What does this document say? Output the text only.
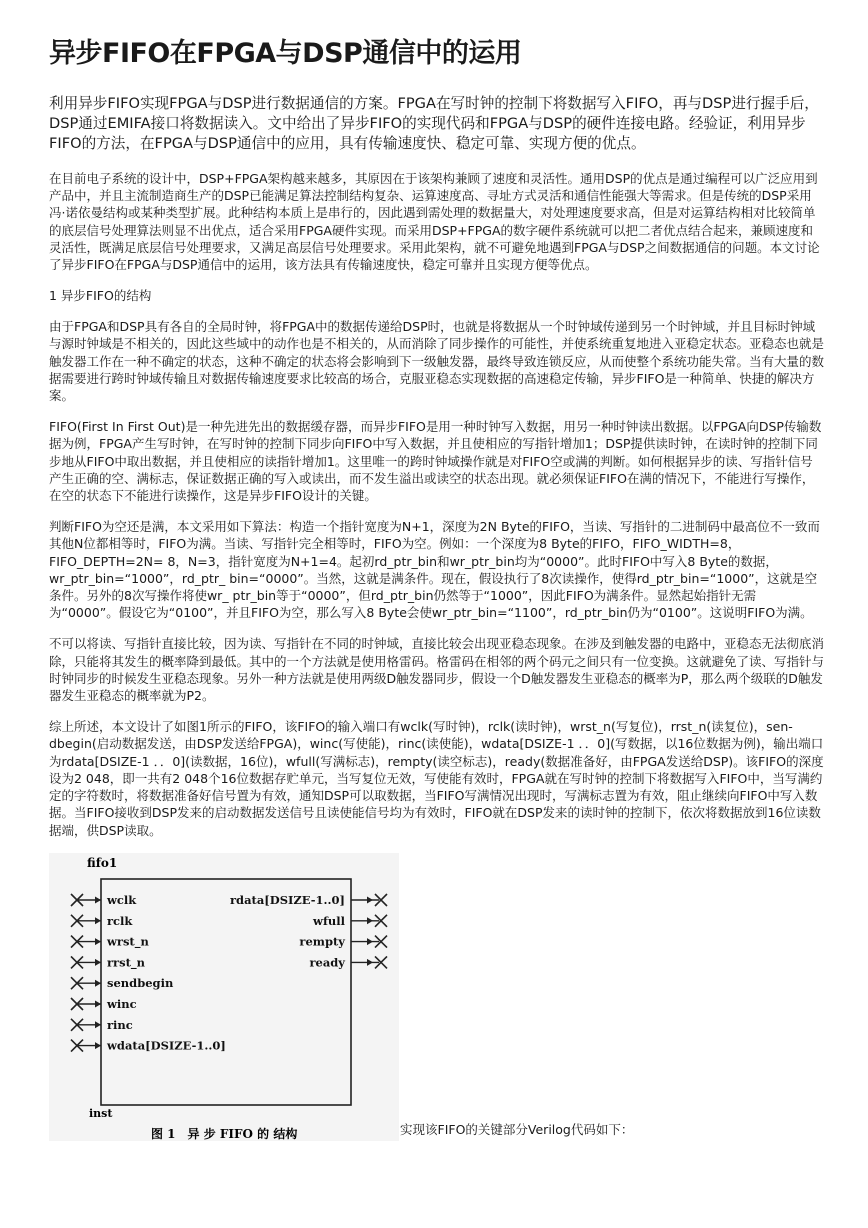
异步FIFO在FPGA与DSP通信中的运用

利用异步FIFO实现FPGA与DSP进行数据通信的方案。FPGA在写时钟的控制下将数据写入FIFO，再与DSP进行握手后，DSP通过EMIFA接口将数据读入。文中给出了异步FIFO的实现代码和FPGA与DSP的硬件连接电路。经验证，利用异步FIFO的方法，在FPGA与DSP通信中的应用，具有传输速度快、稳定可靠、实现方便的优点。

在目前电子系统的设计中，DSP+FPGA架构越来越多，其原因在于该架构兼顾了速度和灵活性。通用DSP的优点是通过编程可以广泛应用到产品中，并且主流制造商生产的DSP已能满足算法控制结构复杂、运算速度高、寻址方式灵活和通信性能强大等需求。但是传统的DSP采用冯·诺依曼结构或某种类型扩展。此种结构本质上是串行的，因此遇到需处理的数据量大，对处理速度要求高，但是对运算结构相对比较简单的底层信号处理算法则显不出优点，适合采用FPGA硬件实现。而采用DSP+FPGA的数字硬件系统就可以把二者优点结合起来，兼顾速度和灵活性，既满足底层信号处理要求，又满足高层信号处理要求。采用此架构，就不可避免地遇到FPGA与DSP之间数据通信的问题。本文讨论了异步FIFO在FPGA与DSP通信中的运用，该方法具有传输速度快，稳定可靠并且实现方便等优点。

1 异步FIFO的结构

由于FPGA和DSP具有各自的全局时钟，将FPGA中的数据传递给DSP时，也就是将数据从一个时钟域传递到另一个时钟域，并且目标时钟域与源时钟域是不相关的，因此这些域中的动作也是不相关的，从而消除了同步操作的可能性，并使系统重复地进入亚稳定状态。亚稳态也就是触发器工作在一种不确定的状态，这种不确定的状态将会影响到下一级触发器，最终导致连锁反应，从而使整个系统功能失常。当有大量的数据需要进行跨时钟域传输且对数据传输速度要求比较高的场合，克服亚稳态实现数据的高速稳定传输，异步FIFO是一种简单、快捷的解决方案。

FIFO(First In First Out)是一种先进先出的数据缓存器，而异步FIFO是用一种时钟写入数据，用另一种时钟读出数据。以FPGA向DSP传输数据为例，FPGA产生写时钟，在写时钟的控制下同步向FIFO中写入数据，并且使相应的写指针增加1；DSP提供读时钟，在读时钟的控制下同步地从FIFO中取出数据，并且使相应的读指针增加1。这里唯一的跨时钟域操作就是对FIFO空或满的判断。如何根据异步的读、写指针信号产生正确的空、满标志，保证数据正确的写入或读出，而不发生溢出或读空的状态出现。就必须保证FIFO在满的情况下，不能进行写操作，在空的状态下不能进行读操作，这是异步FIFO设计的关键。

判断FIFO为空还是满，本文采用如下算法：构造一个指针宽度为N+1，深度为2N Byte的FIFO，当读、写指针的二进制码中最高位不一致而其他N位都相等时，FIFO为满。当读、写指针完全相等时，FIFO为空。例如：一个深度为8 Byte的FIFO，FIFO_WIDTH=8，FIFO_DEPTH=2N= 8，N=3，指针宽度为N+1=4。起初rd_ptr_bin和wr_ptr_bin均为“0000”。此时FIFO中写入8 Byte的数据，wr_ptr_bin=“1000”，rd_ptr_ bin=“0000”。当然，这就是满条件。现在，假设执行了8次读操作，使得rd_ptr_bin=“1000”，这就是空条件。另外的8次写操作将使wr_ ptr_bin等于“0000”，但rd_ptr_bin仍然等于“1000”，因此FIFO为满条件。显然起始指针无需为“0000”。假设它为“0100”，并且FIFO为空，那么写入8 Byte会使wr_ptr_bin=“1100”，rd_ptr_bin仍为“0100”。这说明FIFO为满。

不可以将读、写指针直接比较，因为读、写指针在不同的时钟域，直接比较会出现亚稳态现象。在涉及到触发器的电路中，亚稳态无法彻底消除，只能将其发生的概率降到最低。其中的一个方法就是使用格雷码。格雷码在相邻的两个码元之间只有一位变换。这就避免了读、写指针与时钟同步的时候发生亚稳态现象。另外一种方法就是使用两级D触发器同步，假设一个D触发器发生亚稳态的概率为P，那么两个级联的D触发器发生亚稳态的概率就为P2。

综上所述，本文设计了如图1所示的FIFO，该FIFO的输入端口有wclk(写时钟)，rclk(读时钟)，wrst_n(写复位)，rrst_n(读复位)，sen-dbegin(启动数据发送，由DSP发送给FPGA)，winc(写使能)，rinc(读使能)，wdata[DSIZE-1 ．．0](写数据，以16位数据为例)，输出端口为rdata[DSIZE-1 ．．0](读数据，16位)，wfull(写满标志)，rempty(读空标志)，ready(数据准备好，由FPGA发送给DSP)。该FIFO的深度设为2 048，即一共有2 048个16位数据存贮单元，当写复位无效，写使能有效时，FPGA就在写时钟的控制下将数据写入FIFO中，当写满约定的字符数时，将数据准备好信号置为有效，通知DSP可以取数据，当FIFO写满情况出现时，写满标志置为有效，阻止继续向FIFO中写入数据。当FIFO接收到DSP发来的启动数据发送信号且读使能信号均为有效时，FIFO就在DSP发来的读时钟的控制下，依次将数据放到16位读数据端，供DSP读取。

fifo1
inst
图 1　异 步 FIFO 的 结构
wclk
rclk
wrst_n
rrst_n
sendbegin
winc
rinc
wdata[DSIZE-1..0]
rdata[DSIZE-1..0]
wfull
rempty
ready
实现该FIFO的关键部分Verilog代码如下：
